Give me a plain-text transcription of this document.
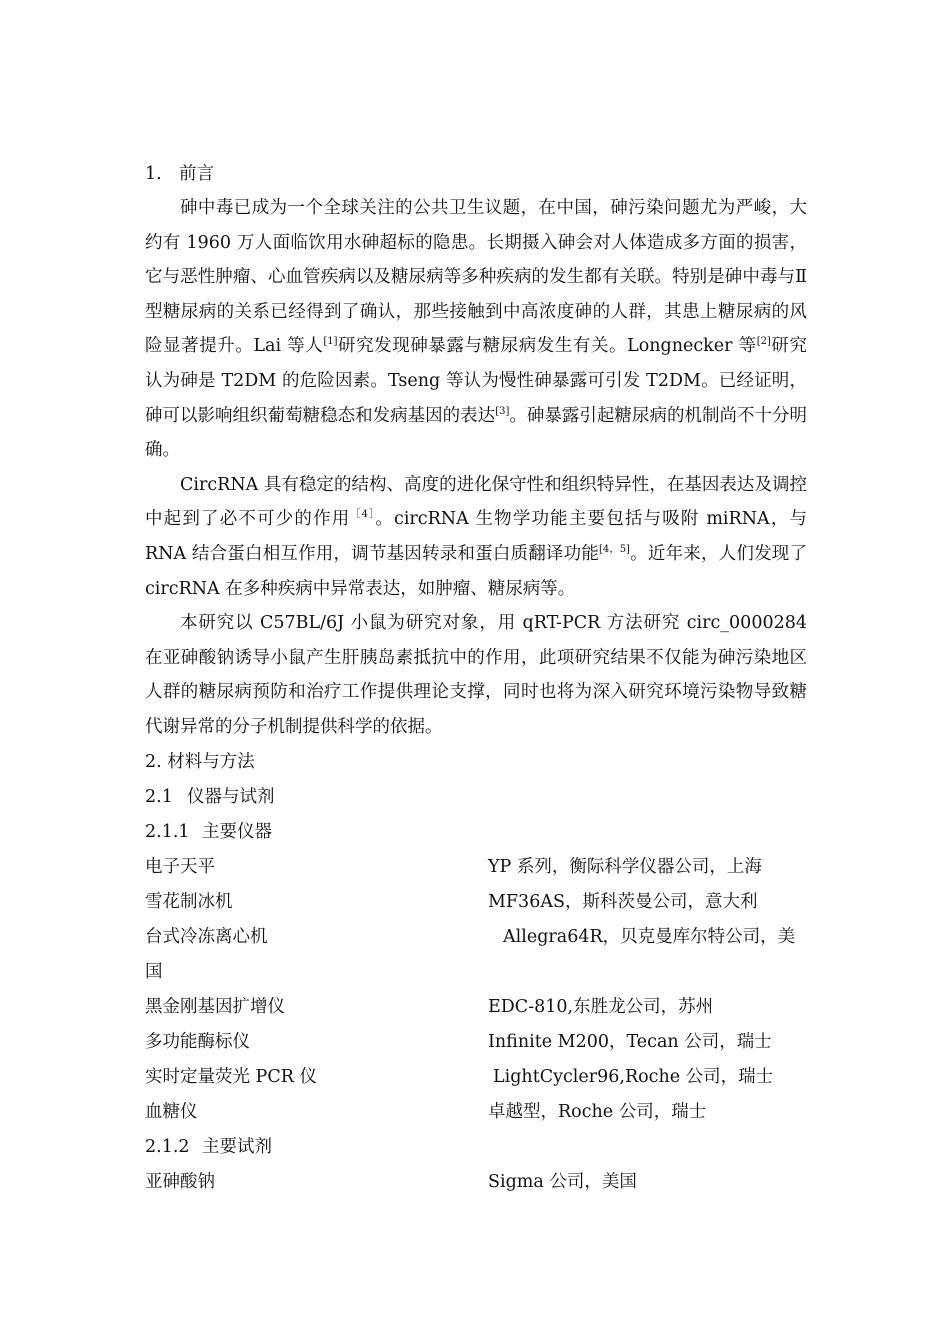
1. 前言

砷中毒已成为一个全球关注的公共卫生议题，在中国，砷污染问题尤为严峻，大约有 1960 万人面临饮用水砷超标的隐患。长期摄入砷会对人体造成多方面的损害，它与恶性肿瘤、心血管疾病以及糖尿病等多种疾病的发生都有关联。特别是砷中毒与Ⅱ型糖尿病的关系已经得到了确认，那些接触到中高浓度砷的人群，其患上糖尿病的风险显著提升。Lai 等人[1]研究发现砷暴露与糖尿病发生有关。Longnecker 等[2]研究认为砷是 T2DM 的危险因素。Tseng 等认为慢性砷暴露可引发 T2DM。已经证明，砷可以影响组织葡萄糖稳态和发病基因的表达[3]。砷暴露引起糖尿病的机制尚不十分明确。

CircRNA 具有稳定的结构、高度的进化保守性和组织特异性，在基因表达及调控中起到了必不可少的作用$^{[4]}$。circRNA 生物学功能主要包括与吸附 miRNA，与 RNA 结合蛋白相互作用，调节基因转录和蛋白质翻译功能[4，5]。近年来，人们发现了 circRNA 在多种疾病中异常表达，如肿瘤、糖尿病等。

本研究以 C57BL/6J 小鼠为研究对象，用 qRT-PCR 方法研究 circ_0000284 在亚砷酸钠诱导小鼠产生肝胰岛素抵抗中的作用，此项研究结果不仅能为砷污染地区人群的糖尿病预防和治疗工作提供理论支撑，同时也将为深入研究环境污染物导致糖代谢异常的分子机制提供科学的依据。

2. 材料与方法
2.1 仪器与试剂
2.1.1 主要仪器
电子天平	YP 系列，衡际科学仪器公司，上海
雪花制冰机	MF36AS，斯科茨曼公司，意大利
台式冷冻离心机	Allegra64R，贝克曼库尔特公司，美
国
黑金刚基因扩增仪	EDC-810,东胜龙公司，苏州
多功能酶标仪	Infinite M200，Tecan 公司，瑞士
实时定量荧光 PCR 仪	LightCycler96,Roche 公司，瑞士
血糖仪	卓越型，Roche 公司，瑞士
2.1.2 主要试剂
亚砷酸钠	Sigma 公司，美国
